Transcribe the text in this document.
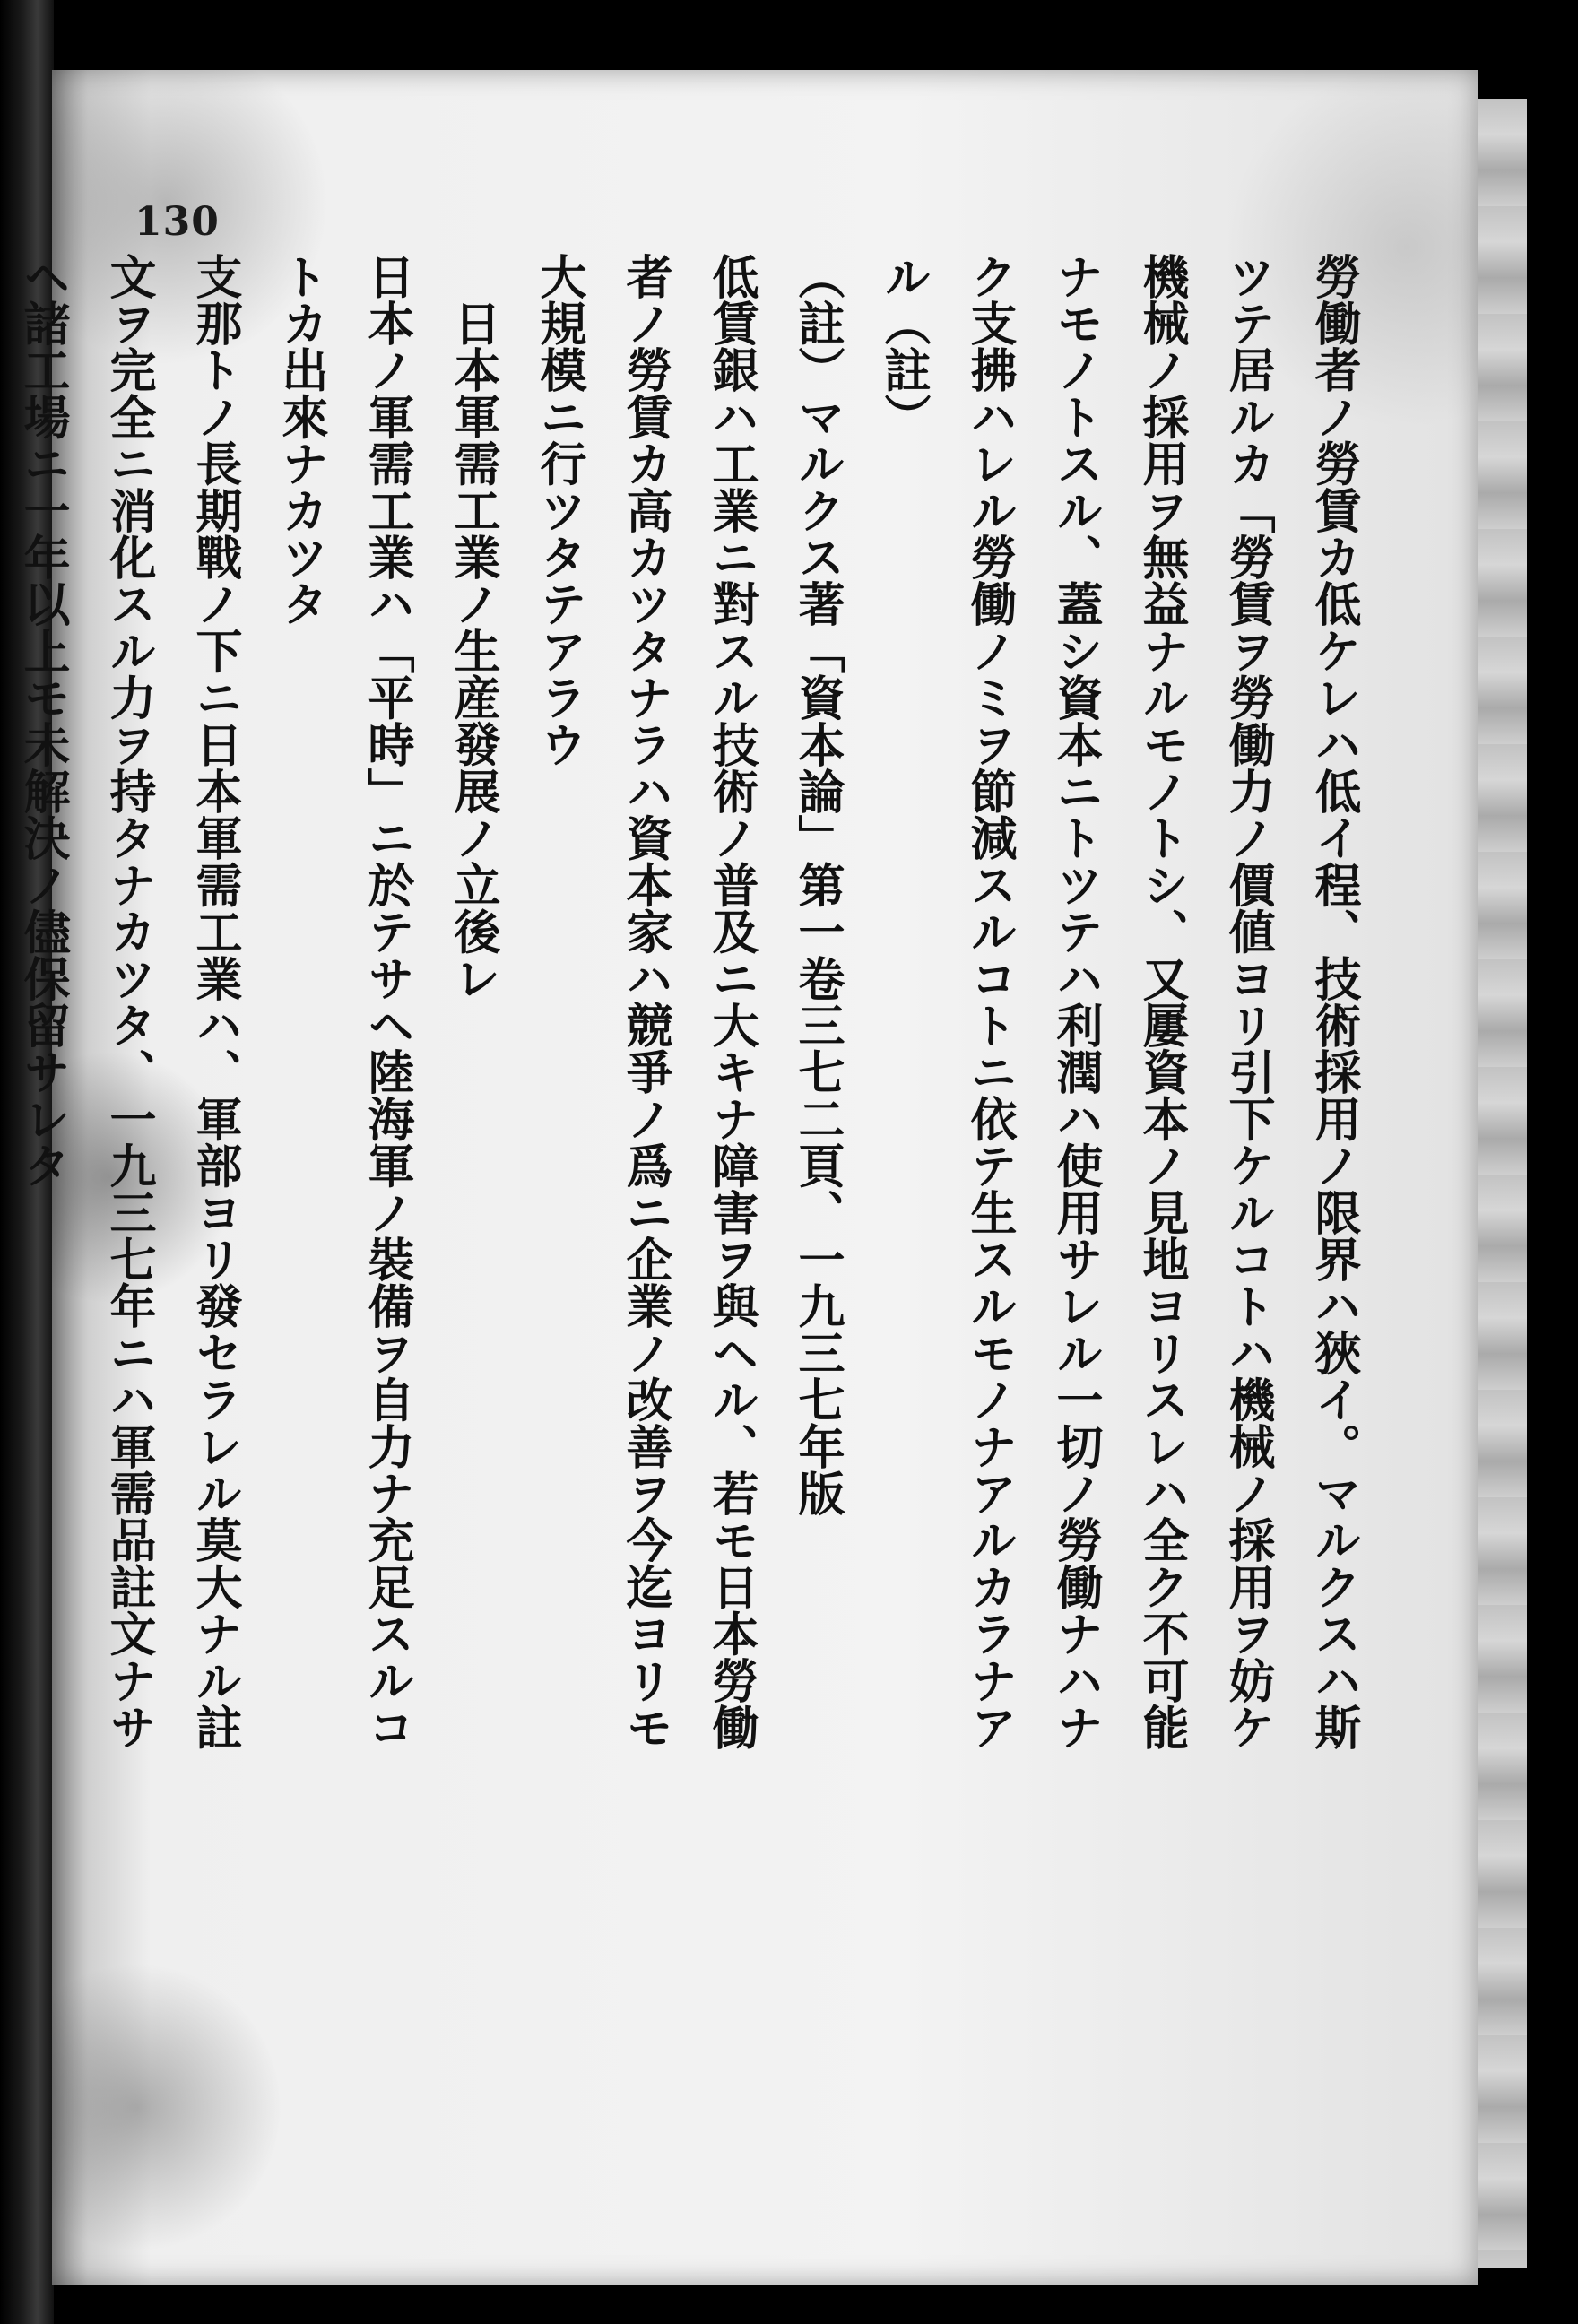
130
勞働者ノ勞賃カ低ケレハ低イ程、技術採用ノ限界ハ狹イ。マルクスハ斯
ツテ居ルカ「勞賃ヲ勞働力ノ價値ヨリ引下ケルコトハ機械ノ採用ヲ妨ケ
機械ノ採用ヲ無益ナルモノトシ、又屢資本ノ見地ヨリスレハ全ク不可能
ナモノトスル、蓋シ資本ニトツテハ利潤ハ使用サレル一切ノ勞働ナハナ
ク支拂ハレル勞働ノミヲ節減スルコトニ依テ生スルモノナアルカラナア
ル（註）
（註）マルクス著「資本論」第一卷三七二頁、一九三七年版
低賃銀ハ工業ニ對スル技術ノ普及ニ大キナ障害ヲ與ヘル、若モ日本勞働
者ノ勞賃カ高カツタナラハ資本家ハ競爭ノ爲ニ企業ノ改善ヲ今迄ヨリモ
大規模ニ行ツタテアラウ
日本軍需工業ノ生産發展ノ立後レ
日本ノ軍需工業ハ「平時」ニ於テサヘ陸海軍ノ裝備ヲ自力ナ充足スルコ
トカ出來ナカツタ
支那トノ長期戰ノ下ニ日本軍需工業ハ、軍部ヨリ發セラレル莫大ナル註
文ヲ完全ニ消化スル力ヲ持タナカツタ、一九三七年ニハ軍需品註文ナサ
ヘ諸工場ニ一年以上モ未解決ノ儘保留サレタ
